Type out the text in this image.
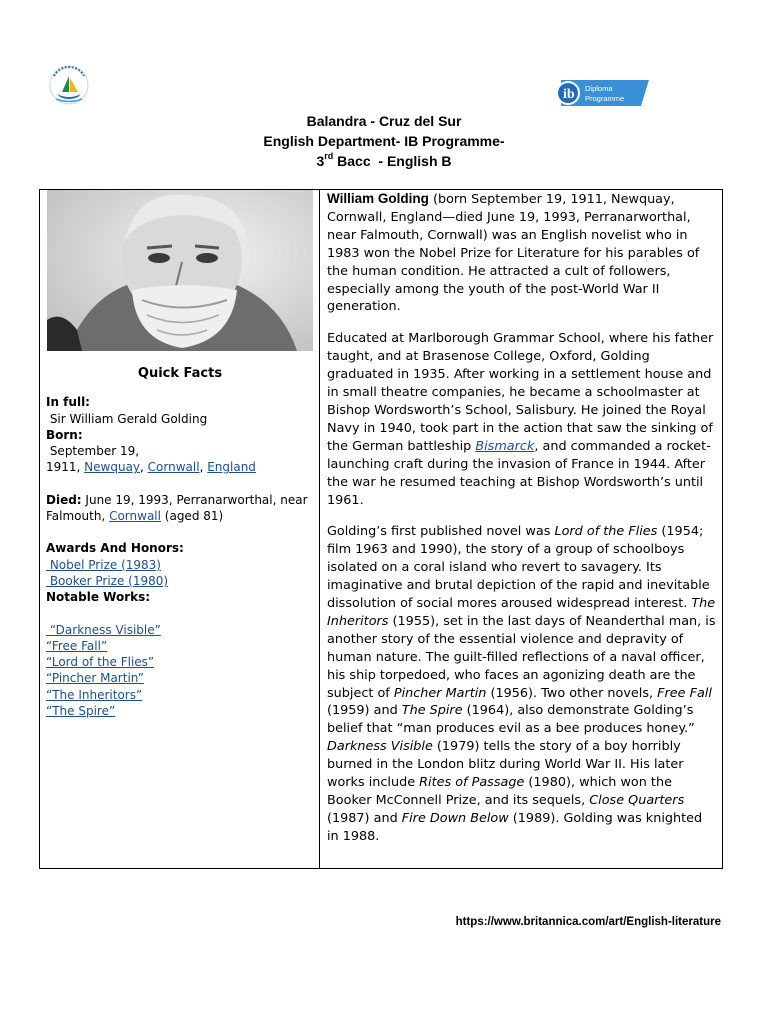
ib Diploma
Programme
Balandra - Cruz del Sur
English Department- IB Programme-
3rd Bacc  - English B
Quick Facts
In full:
Sir William Gerald Golding
Born:
September 19,
1911, Newquay, Cornwall, England
Died: June 19, 1993, Perranarworthal, near Falmouth, Cornwall (aged 81)
Awards And Honors:
Nobel Prize (1983)
Booker Prize (1980)
Notable Works:
“Darkness Visible”
“Free Fall”
“Lord of the Flies”
“Pincher Martin”
“The Inheritors”
“The Spire”

William Golding (born September 19, 1911, Newquay, Cornwall, England—died June 19, 1993, Perranarworthal, near Falmouth, Cornwall) was an English novelist who in 1983 won the Nobel Prize for Literature for his parables of the human condition. He attracted a cult of followers, especially among the youth of the post-World War II generation.

Educated at Marlborough Grammar School, where his father taught, and at Brasenose College, Oxford, Golding graduated in 1935. After working in a settlement house and in small theatre companies, he became a schoolmaster at Bishop Wordsworth’s School, Salisbury. He joined the Royal Navy in 1940, took part in the action that saw the sinking of the German battleship Bismarck, and commanded a rocket-launching craft during the invasion of France in 1944. After the war he resumed teaching at Bishop Wordsworth’s until 1961.

Golding’s first published novel was Lord of the Flies (1954; film 1963 and 1990), the story of a group of schoolboys isolated on a coral island who revert to savagery. Its imaginative and brutal depiction of the rapid and inevitable dissolution of social mores aroused widespread interest. The Inheritors (1955), set in the last days of Neanderthal man, is another story of the essential violence and depravity of human nature. The guilt-filled reflections of a naval officer, his ship torpedoed, who faces an agonizing death are the subject of Pincher Martin (1956). Two other novels, Free Fall (1959) and The Spire (1964), also demonstrate Golding’s belief that “man produces evil as a bee produces honey.” Darkness Visible (1979) tells the story of a boy horribly burned in the London blitz during World War II. His later works include Rites of Passage (1980), which won the Booker McConnell Prize, and its sequels, Close Quarters (1987) and Fire Down Below (1989). Golding was knighted in 1988.

https://www.britannica.com/art/English-literature
